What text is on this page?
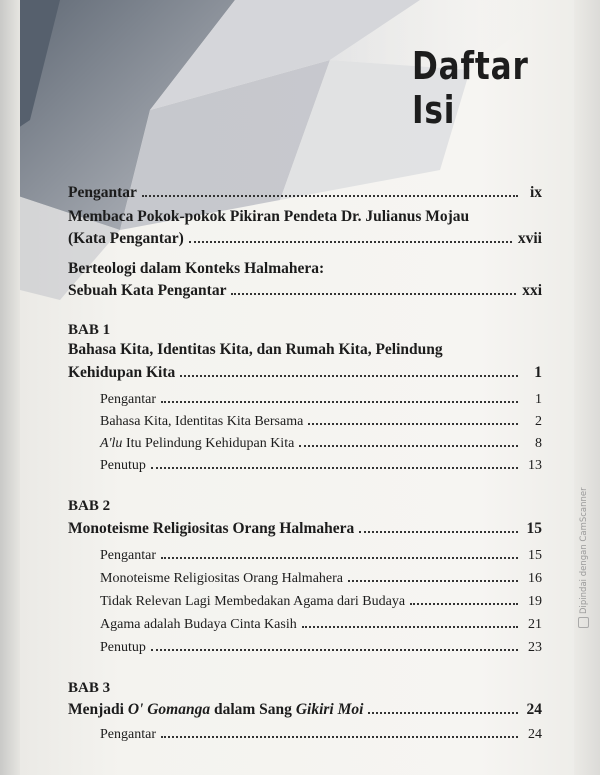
Daftar Isi
Pengantar	ix
Membaca Pokok-pokok Pikiran Pendeta Dr. Julianus Mojau
(Kata Pengantar)	xvii
Berteologi dalam Konteks Halmahera:
Sebuah Kata Pengantar	xxi
BAB 1
Bahasa Kita, Identitas Kita, dan Rumah Kita, Pelindung
Kehidupan Kita	1
Pengantar	1
Bahasa Kita, Identitas Kita Bersama	2
A'lu Itu Pelindung Kehidupan Kita	8
Penutup	13
BAB 2
Monoteisme Religiositas Orang Halmahera	15
Pengantar	15
Monoteisme Religiositas Orang Halmahera	16
Tidak Relevan Lagi Membedakan Agama dari Budaya	19
Agama adalah Budaya Cinta Kasih	21
Penutup	23
BAB 3
Menjadi O' Gomanga dalam Sang Gikiri Moi	24
Pengantar	24
Dipindai dengan CamScanner
